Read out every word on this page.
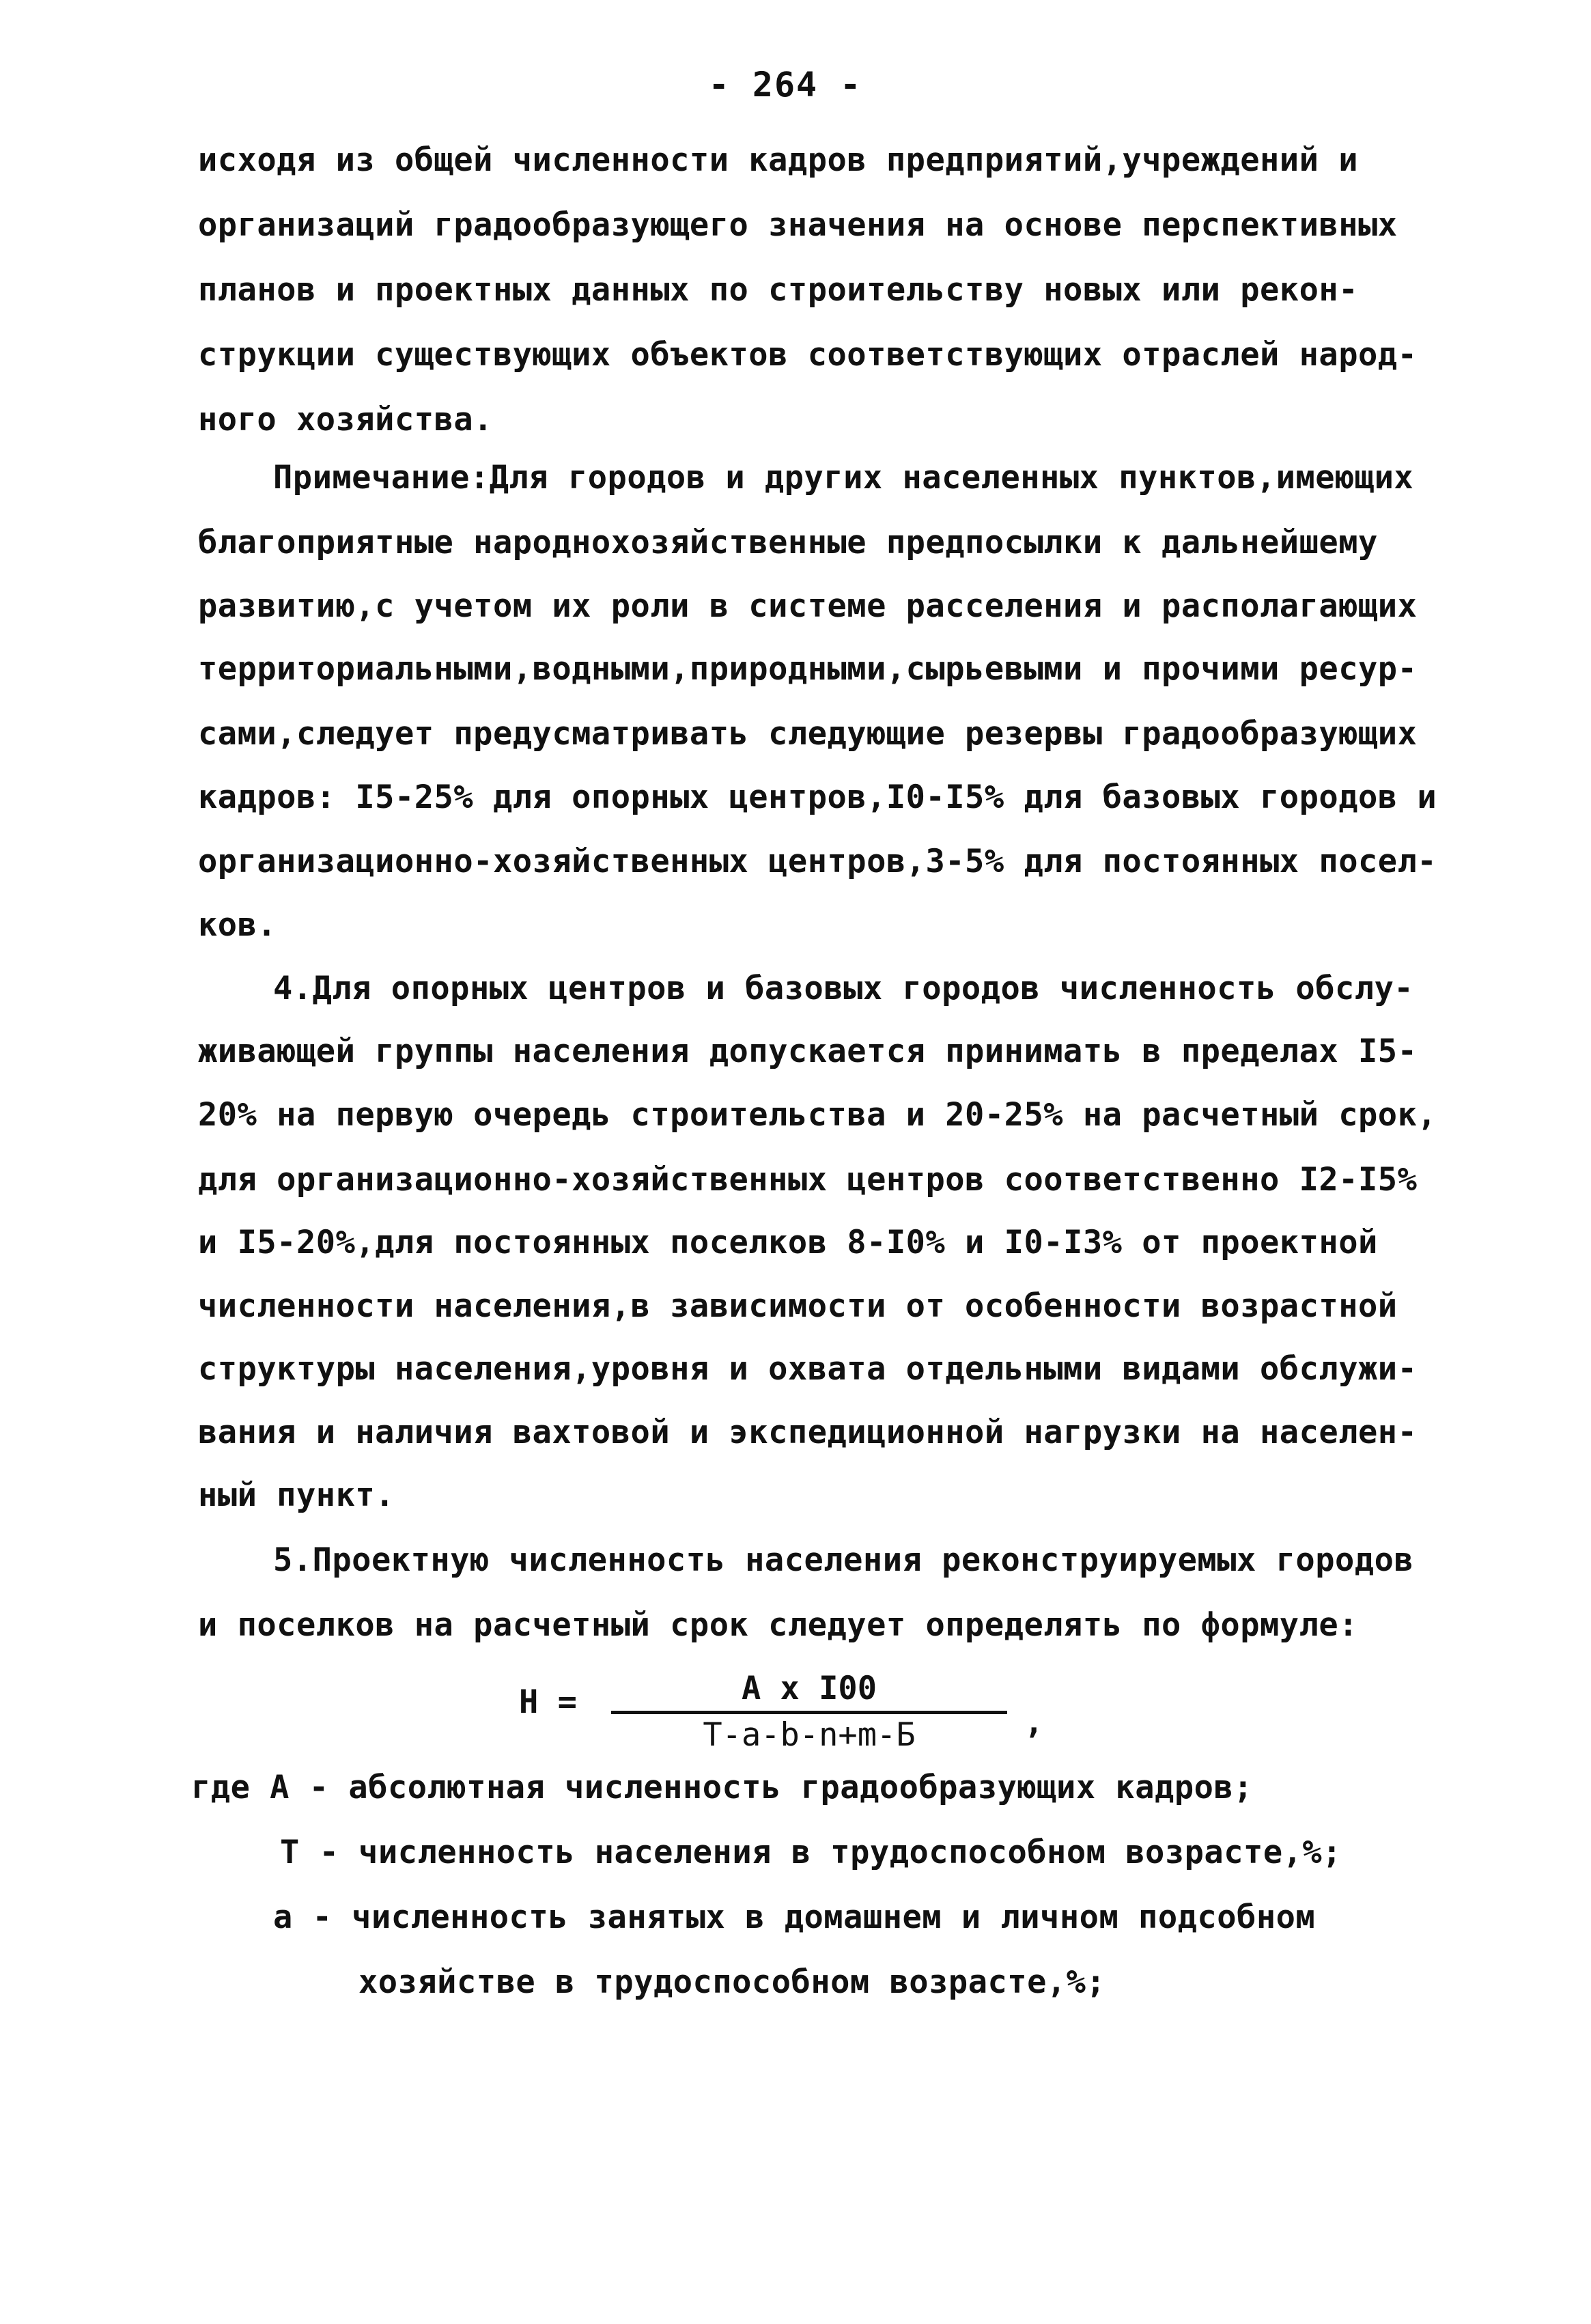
- 264 -
исходя из общей численности кадров предприятий,учреждений и
организаций градообразующего значения на основе перспективных
планов и проектных данных по строительству новых или рекон-
струкции существующих объектов соответствующих отраслей народ-
ного хозяйства.
Примечание:Для городов и других населенных пунктов,имеющих
благоприятные народнохозяйственные предпосылки к дальнейшему
развитию,с учетом их роли в системе расселения и располагающих
территориальными,водными,природными,сырьевыми и прочими ресур-
сами,следует предусматривать следующие резервы градообразующих
кадров: I5-25% для опорных центров,I0-I5% для базовых городов и
организационно-хозяйственных центров,3-5% для постоянных посел-
ков.
4.Для опорных центров и базовых городов численность обслу-
живающей группы населения допускается принимать в пределах I5-
20% на первую очередь строительства и 20-25% на расчетный срок,
для организационно-хозяйственных центров соответственно I2-I5%
и I5-20%,для постоянных поселков 8-I0% и I0-I3% от проектной
численности населения,в зависимости от особенности возрастной
структуры населения,уровня и охвата отдельными видами обслужи-
вания и наличия вахтовой и экспедиционной нагрузки на населен-
ный пункт.
5.Проектную численность населения реконструируемых городов
и поселков на расчетный срок следует определять по формуле:
Н =	А х I00
Т-а-b-n+m-Б	,
где А - абсолютная численность градообразующих кадров;
Т - численность населения в трудоспособном возрасте,%;
а - численность занятых в домашнем и личном подсобном
хозяйстве в трудоспособном возрасте,%;
